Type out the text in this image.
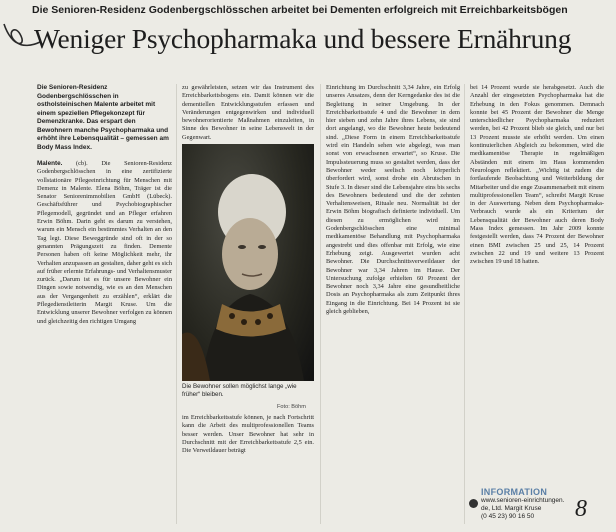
Die Senioren-Residenz Godenbergschlösschen arbeitet bei Dementen erfolgreich mit Erreichbarkeitsbögen
Weniger Psychopharmaka und bessere Ernährung

Die Senioren-Residenz Godenbergschlösschen in ostholsteinischen Malente arbeitet mit einem speziellen Pflegekonzept für Demenzkranke. Das erspart den Bewohnern manche Psychopharmaka und erhöht ihre Lebensqualität – gemessen am Body Mass Index.

Malente. (cb). Die Senioren-Residenz Godenbergschlösschen in eine zertifizierte vollstationäre Pflegeeinrichtung für Menschen mit Demenz in Malente. Elena Böhm, Träger ist die Senator Seniorenimmobilien GmbH (Lübeck). Geschäftsführer und Psychobiographischer Pflegemodell, gegründet und an Pfleger erfahren Erwin Böhm. Darin geht es darum zu verstehen, warum ein Mensch ein bestimmtes Verhalten an den Tag legt. Diese Beweggründe sind oft in der so genannten Prägungszeit zu finden. Demente Personen haben oft keine Möglichkeit mehr, ihr Verhalten anzupassen an gestalten, daher geht es sich auf früher erlernte Erfahrungs- und Verhaltensmuster zurück. „Darum ist es für unsere Bewohner ein Dingen sowie notwendig, wie es an den Menschen aus der Vergangenheit zu erzählen“, erklärt die Pflegedienstleiterin Margit Kruse. Um die Entwicklung unserer Bewohner verfolgen zu können und gleichzeitig den richtigen Umgang

zu gewährleisten, setzen wir das Instrument des Erreichbarkeitsbogens ein. Damit können wir die dementiellen Entwicklungsstufen erfassen und Veränderungen entgegenwirken und individuell bewohnerorientierte Maßnahmen einzuleiten, in Sinne des Bewohner in seine Lebenswelt in der Gegenwart.

Die Bewohner sollen möglichst lange „wie früher“ bleiben.
Foto: Böhm

im Erreichbarkeitsstufe können, je nach Fortschritt kann die Arbeit des multiprofessionellen Teams besser werden. Unser Bewohner hat sehr in Durchschnitt mit der Erreichbarkeitsstufe 2,5 ein. Die Verweildauer beträgt

Einrichtung im Durchschnitt 3,34 Jahre, ein Erfolg unseres Ansatzes, denn der Kerngedanke des ist die Begleitung in seiner Umgebung. In der Erreichbarkeitsstufe 4 und die Bewohner in dem hier sieben und zehn Jahre ihres Lebens, sie sind dort angelangt, wo die Bewohner heute bedeutend sind. „Diese Form in einem Erreichbarkeitsstufe wird ein Handeln sehen wie abgelegt, was man sonst von erwachsenen erwartet“, so Kruse. Die Impulssteuerung muss so gestaltet werden, dass der Bewohner weder seelisch noch körperlich überfordert wird, sonst drohe ein Abrutschen in Stufe 3. In dieser sind die Lebensjahre eins bis sechs des Bewohners bedeutend und die der zehnten Verhaltensweisen, Rituale neu. Normalität ist der Erwin Böhm biografisch definierte individuell. Um diesen zu ermöglichen wird im Godenbergschlösschen eine minimal medikamentöse Behandlung mit Psychopharmaka angestrebt und dies offenbar mit Erfolg, wie eine Erhebung zeigt. Ausgewertet wurden acht Bewohner. Die Durchschnittsverweildauer der Bewohner war 3,34 Jahren im Hause. Der Untersuchung zufolge erhielten 60 Prozent der Bewohner noch 3,34 Jahre eine gesundheitliche Dosis an Psychopharmaka als zum Zeitpunkt ihres Eingang in die Einrichtung. Bei 14 Prozent ist sie gleich geblieben,

bei 14 Prozent wurde sie herabgesetzt. Auch die Anzahl der eingesetzten Psychopharmaka hat die Erhebung in den Fokus genommen. Demnach konnte bei 45 Prozent der Bewohner die Menge unterschiedlicher Psychopharmaka reduziert werden, bei 42 Prozent blieb sie gleich, und nur bei 13 Prozent musste sie erhöht werden. Um einen kontinuierlichen Abgleich zu bekommen, wird die medikamentöse Therapie in regelmäßigen Abständen mit einem im Haus kommenden Neurologen reflektiert. „Wichtig ist zudem die fortlaufende Beobachtung und Weiterbildung der Mitarbeiter und die enge Zusammenarbeit mit einem multiprofessionellen Team“, schreibt Margit Kruse in der Auswertung. Neben dem Psychopharmaka-Verbrauch wurde als ein Kriterium der Lebensqualität der Bewohner auch deren Body Mass Index gemessen. Im Jahr 2009 konnte festgestellt werden, dass 74 Prozent der Bewohner einen BMI zwischen 25 und 25, 14 Prozent zwischen 22 und 19 und weitere 13 Prozent zwischen 19 und 18 hatten.

INFORMATION
www.senioren-einrichtungen.
de, Ltd. Margit Kruse
(0 45 23) 90 16 50	8
